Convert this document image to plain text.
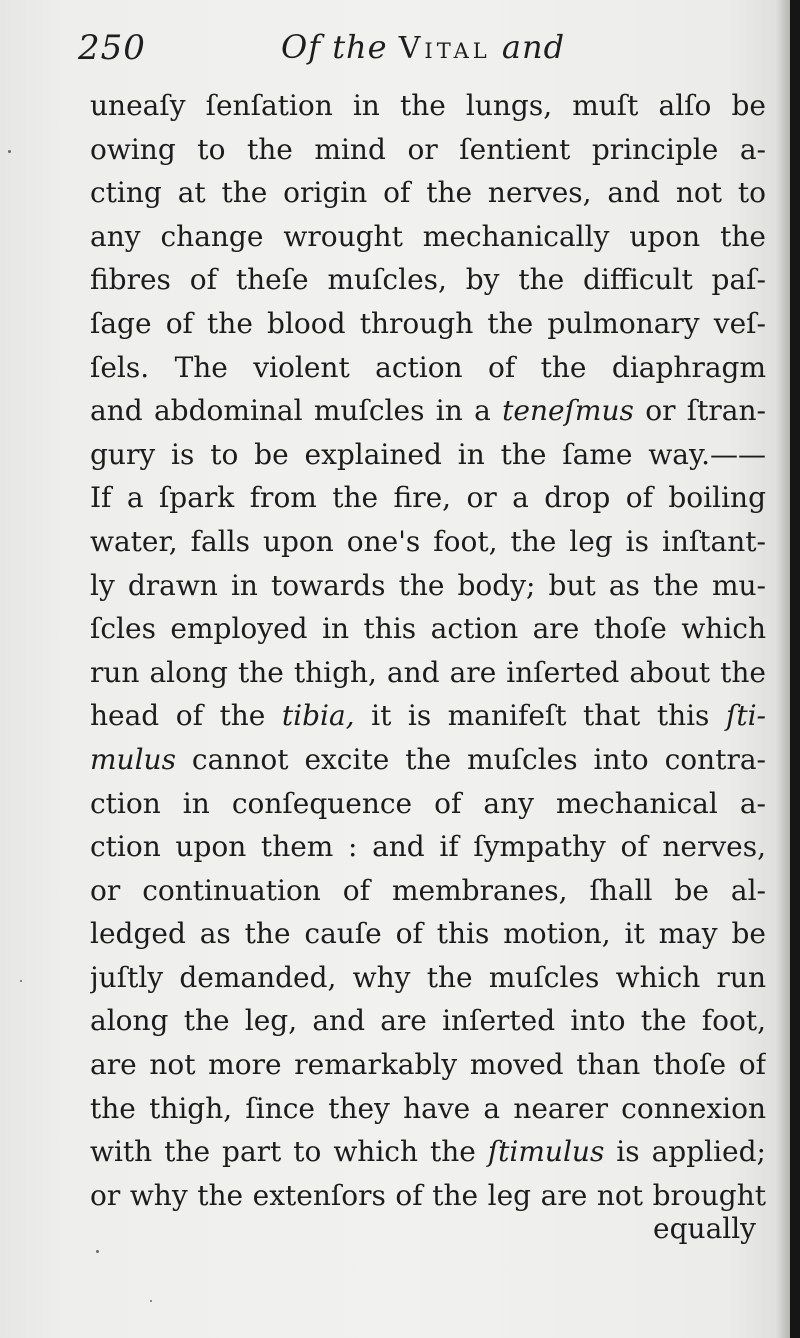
250	Of the Vital and
uneaſy ſenſation in the lungs, muſt alſo be
owing to the mind or ſentient principle a-
cting at the origin of the nerves, and not to
any change wrought mechanically upon the
fibres of theſe muſcles, by the difficult paſ-
ſage of the blood through the pulmonary veſ-
ſels. The violent action of the diaphragm
and abdominal muſcles in a teneſmus or ſtran-
gury is to be explained in the ſame way.——
If a ſpark from the fire, or a drop of boiling
water, falls upon one's foot, the leg is inſtant-
ly drawn in towards the body; but as the mu-
ſcles employed in this action are thoſe which
run along the thigh, and are inſerted about the
head of the tibia, it is manifeſt that this ſti-
mulus cannot excite the muſcles into contra-
ction in conſequence of any mechanical a-
ction upon them : and if ſympathy of nerves,
or continuation of membranes, ſhall be al-
ledged as the cauſe of this motion, it may be
juſtly demanded, why the muſcles which run
along the leg, and are inſerted into the foot,
are not more remarkably moved than thoſe of
the thigh, ſince they have a nearer connexion
with the part to which the ſtimulus is applied;
or why the extenſors of the leg are not brought
equally
